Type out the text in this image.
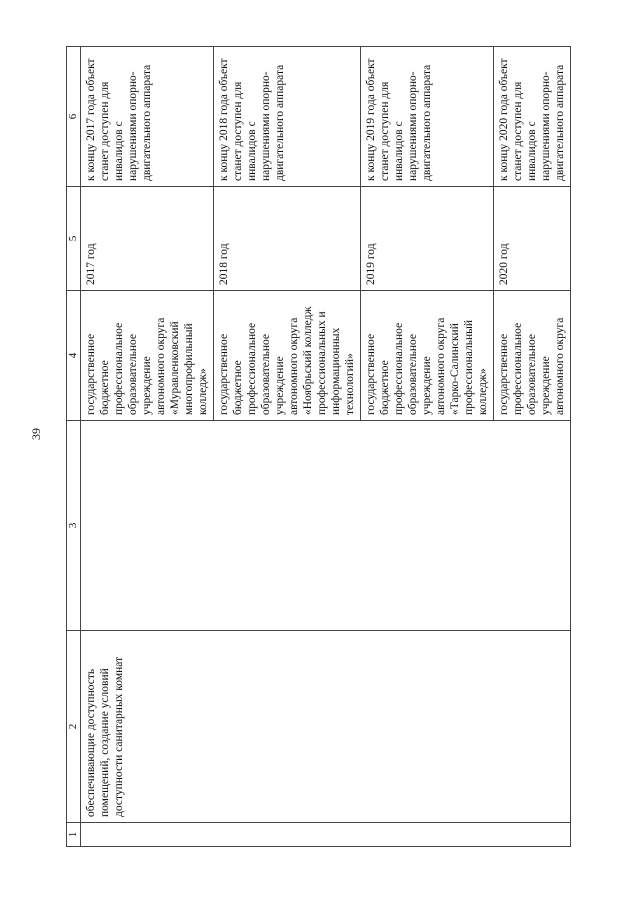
39
1	2	3	4	5	6
	обеспечивающие доступность помещений, создание условий доступности санитарных комнат		государственное бюджетное профессиональное образовательное учреждение автономного округа «Муравленковский многопрофильный колледж»	2017 год	к концу 2017 года объект станет доступен для инвалидов с нарушениями опорно-двигательного аппарата
			государственное бюджетное профессиональное образовательное учреждение автономного округа «Ноябрьский колледж профессиональных и информационных технологий»	2018 год	к концу 2018 года объект станет доступен для инвалидов с нарушениями опорно-двигательного аппарата
			государственное бюджетное профессиональное образовательное учреждение автономного округа «Тарко-Салинский профессиональный колледж»	2019 год	к концу 2019 года объект станет доступен для инвалидов с нарушениями опорно-двигательного аппарата
			государственное профессиональное образовательное учреждение автономного округа	2020 год	к концу 2020 года объект станет доступен для инвалидов с нарушениями опорно-двигательного аппарата
